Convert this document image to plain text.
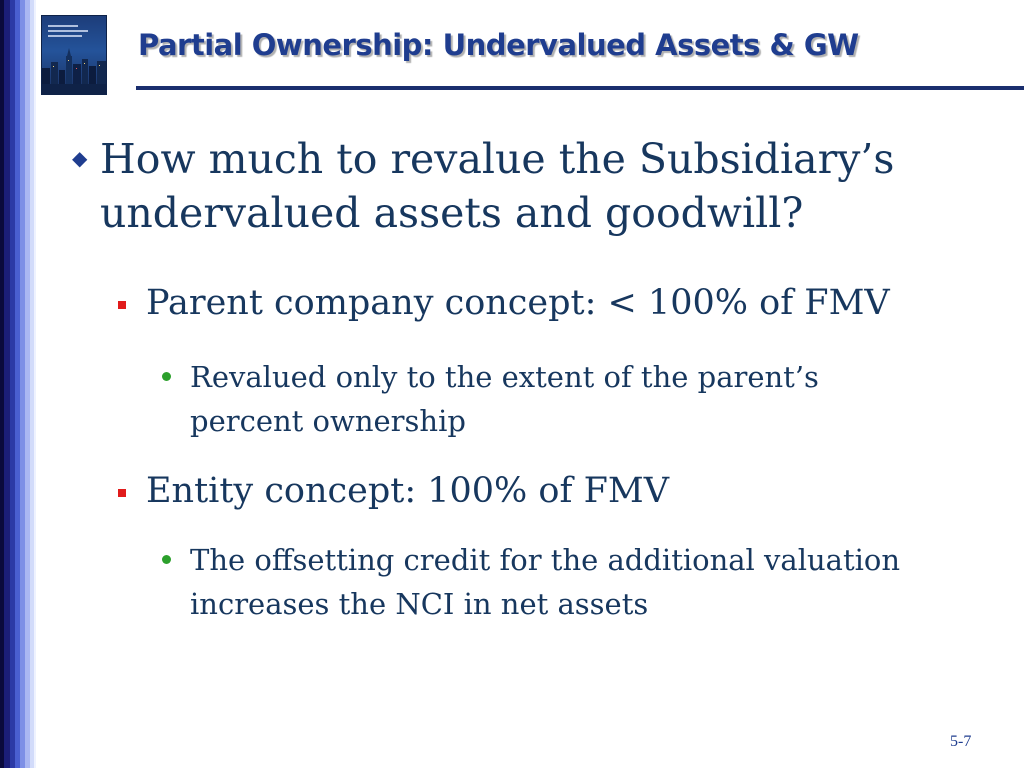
Partial Ownership: Undervalued Assets & GW
◆ How much to revalue the Subsidiary’s undervalued assets and goodwill?
Parent company concept: < 100% of FMV
Revalued only to the extent of the parent’s percent ownership
Entity concept: 100% of FMV
The offsetting credit for the additional valuation increases the NCI in net assets
5-7
